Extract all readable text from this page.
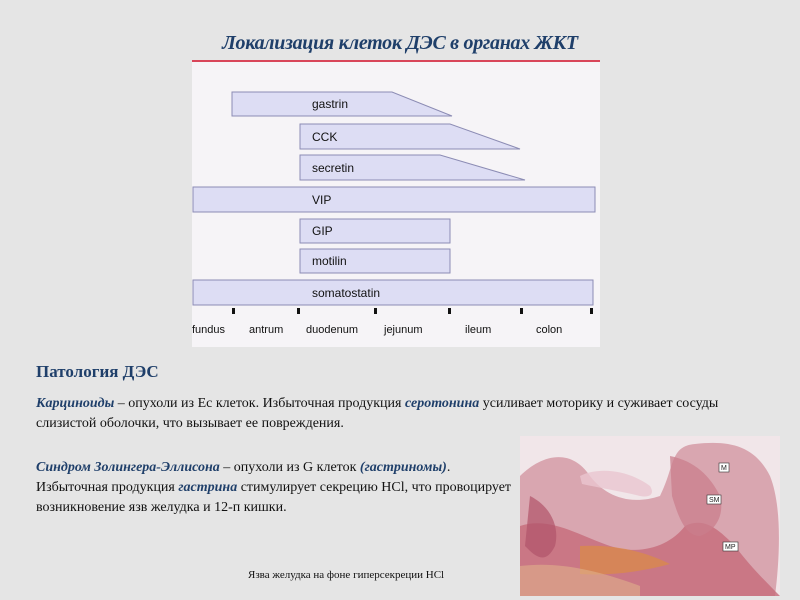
Локализация клеток ДЭС в органах ЖКТ
gastrin
CCK
secretin
VIP
GIP
motilin
somatostatin
fundus antrum duodenum jejunum	ileum	colon
Патология ДЭС
Карциноиды – опухоли из Ес клеток. Избыточная продукция серотонина усиливает моторику и суживает сосуды слизистой оболочки, что вызывает ее повреждения.
Синдром Золингера-Эллисона – опухоли из G клеток (гастриномы). Избыточная продукция гастрина стимулирует секрецию HCl, что провоцирует возникновение язв желудка и 12-п кишки.
M
SM
MP
Язва желудка на фоне гиперсекреции HCl
